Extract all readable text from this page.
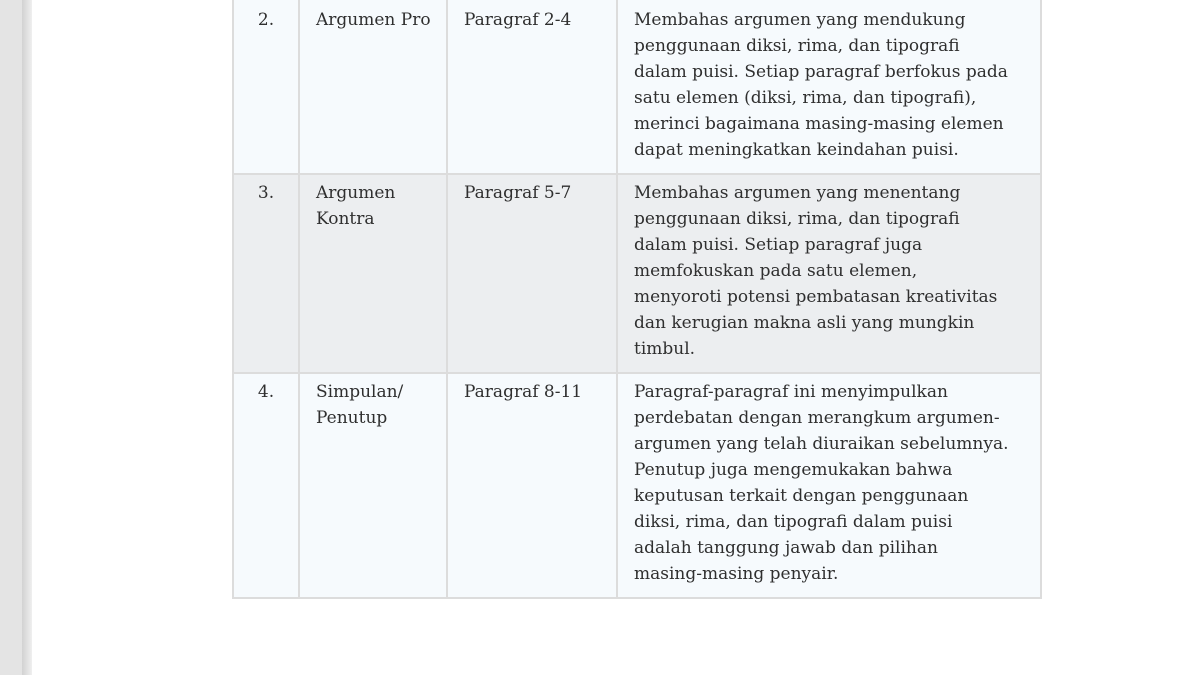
2.	Argumen Pro	Paragraf 2-4	Membahas argumen yang mendukung penggunaan diksi, rima, dan tipografi dalam puisi. Setiap paragraf berfokus pada satu elemen (diksi, rima, dan tipografi), merinci bagaimana masing-masing elemen dapat meningkatkan keindahan puisi.
3.	Argumen Kontra	Paragraf 5-7	Membahas argumen yang menentang penggunaan diksi, rima, dan tipografi dalam puisi. Setiap paragraf juga memfokuskan pada satu elemen, menyoroti potensi pembatasan kreativitas dan kerugian makna asli yang mungkin timbul.
4.	Simpulan/ Penutup	Paragraf 8-11	Paragraf-paragraf ini menyimpulkan perdebatan dengan merangkum argumen-argumen yang telah diuraikan sebelumnya. Penutup juga mengemukakan bahwa keputusan terkait dengan penggunaan diksi, rima, dan tipografi dalam puisi adalah tanggung jawab dan pilihan masing-masing penyair.
